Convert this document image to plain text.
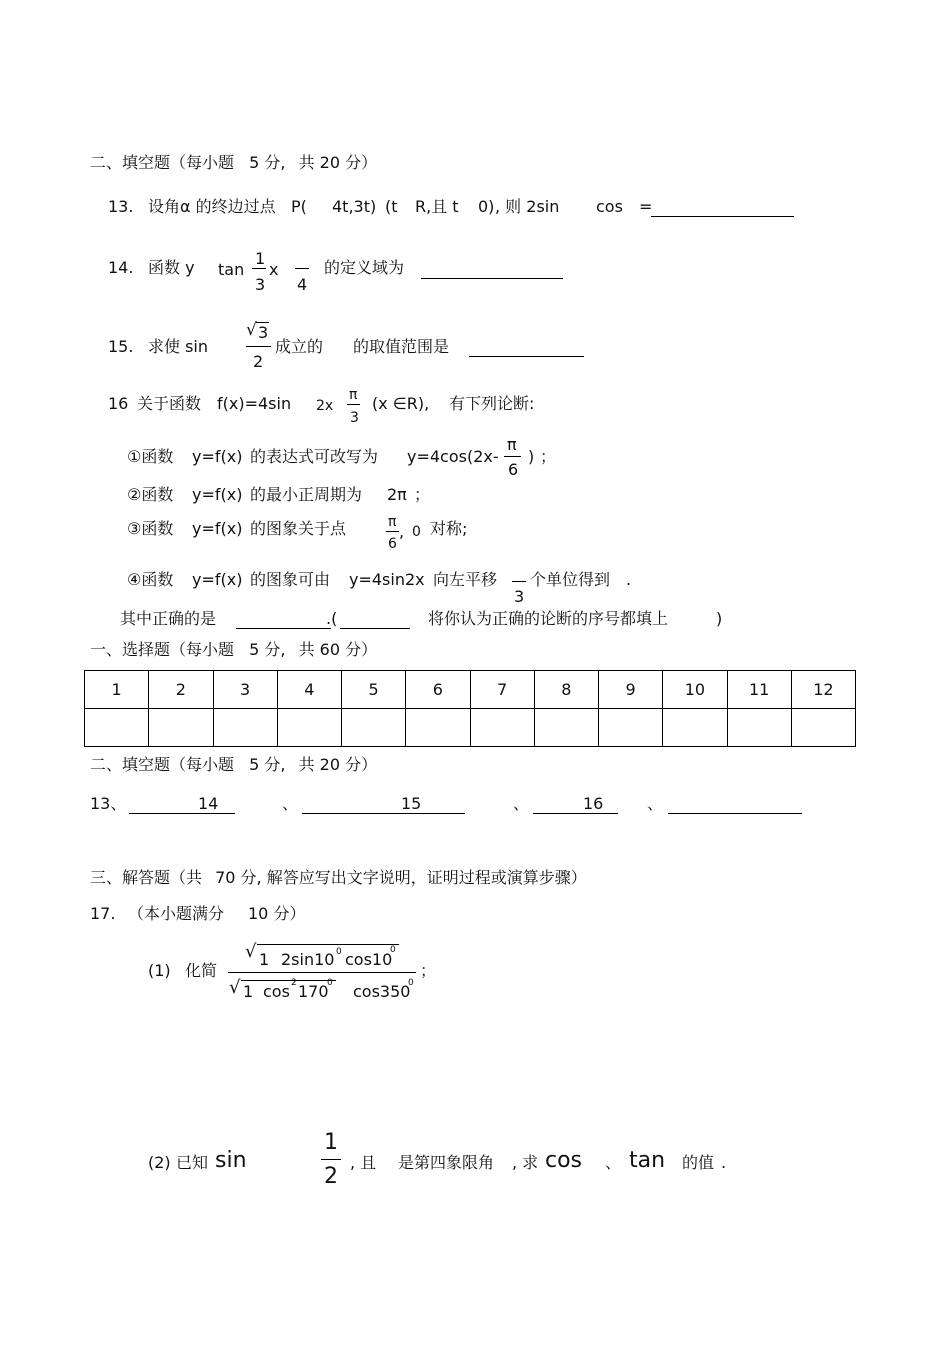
二、填空题（每小题 5 分, 共 20 分）
13. 设角α 的终边过点 P( 4t,3t) (t R,且 t 0) , 则 2sin cos =
14. 函数 y tan
1
3
x
4
的定义域为
15. 求使 sin
√ 3
2
成立的 的取值范围是
16 关于函数 f(x)=4sin 2x
π
3
(x ∈R), 有下列论断:
①函数 y=f(x) 的表达式可改写为 y=4cos(2x-
π
6
) ；
②函数 y=f(x) 的最小正周期为 2π ；
③函数 y=f(x) 的图象关于点	π
6
, 0 对称;
④函数 y=f(x) 的图象可由 y=4sin2x 向左平移
3
个单位得到 .
其中正确的是	.(	将你认为正确的论断的序号都填上	)
一、选择题（每小题 5 分, 共 60 分）
1	2	3	4	5	6	7	8	9	10	11	12

二、填空题（每小题 5 分, 共 20 分）
13、	14	、	15	、	16	、
三、解答题（共 70 分, 解答应写出文字说明，证明过程或演算步骤）
17. （本小题满分 10 分）
(1) 化简
√ 1 2sin10 0 cos10
0
√ 1 cos 2 170
0 cos350
0
；
(2) 已知 sin
1
2
, 且 是第四象限角 , 求 cos 、 tan 的值 .
